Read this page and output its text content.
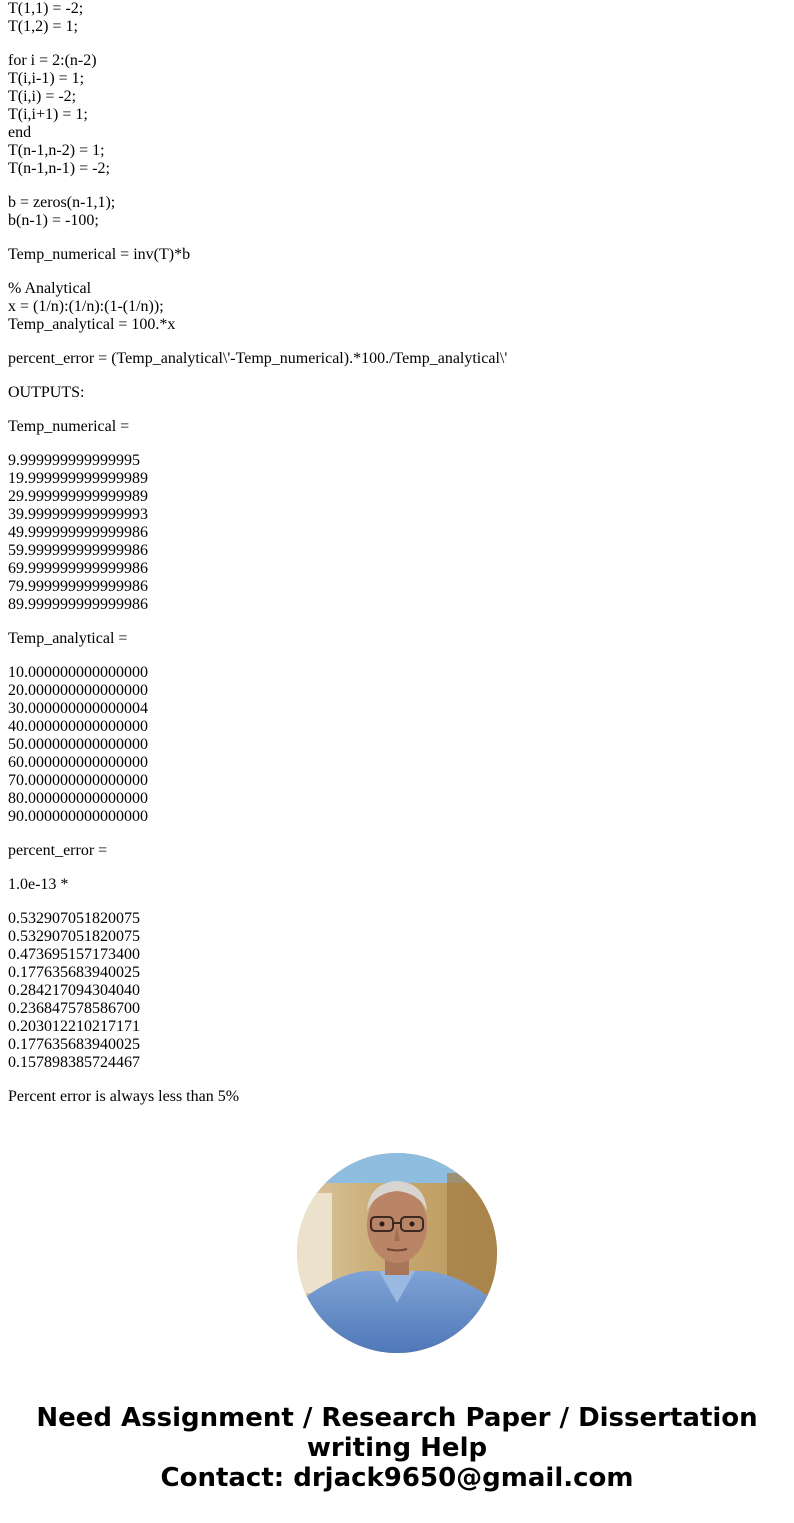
T(1,1) = -2;
T(1,2) = 1;
for i = 2:(n-2)
T(i,i-1) = 1;
T(i,i) = -2;
T(i,i+1) = 1;
end
T(n-1,n-2) = 1;
T(n-1,n-1) = -2;
b = zeros(n-1,1);
b(n-1) = -100;
Temp_numerical = inv(T)*b
% Analytical
x = (1/n):(1/n):(1-(1/n));
Temp_analytical = 100.*x
percent_error = (Temp_analytical\'-Temp_numerical).*100./Temp_analytical\'
OUTPUTS:
Temp_numerical =
9.999999999999995
19.999999999999989
29.999999999999989
39.999999999999993
49.999999999999986
59.999999999999986
69.999999999999986
79.999999999999986
89.999999999999986
Temp_analytical =
10.000000000000000
20.000000000000000
30.000000000000004
40.000000000000000
50.000000000000000
60.000000000000000
70.000000000000000
80.000000000000000
90.000000000000000
percent_error =
1.0e-13 *
0.532907051820075
0.532907051820075
0.473695157173400
0.177635683940025
0.284217094304040
0.236847578586700
0.203012210217171
0.177635683940025
0.157898385724467
Percent error is always less than 5%
Need Assignment / Research Paper / Dissertation
writing Help
Contact: drjack9650@gmail.com
